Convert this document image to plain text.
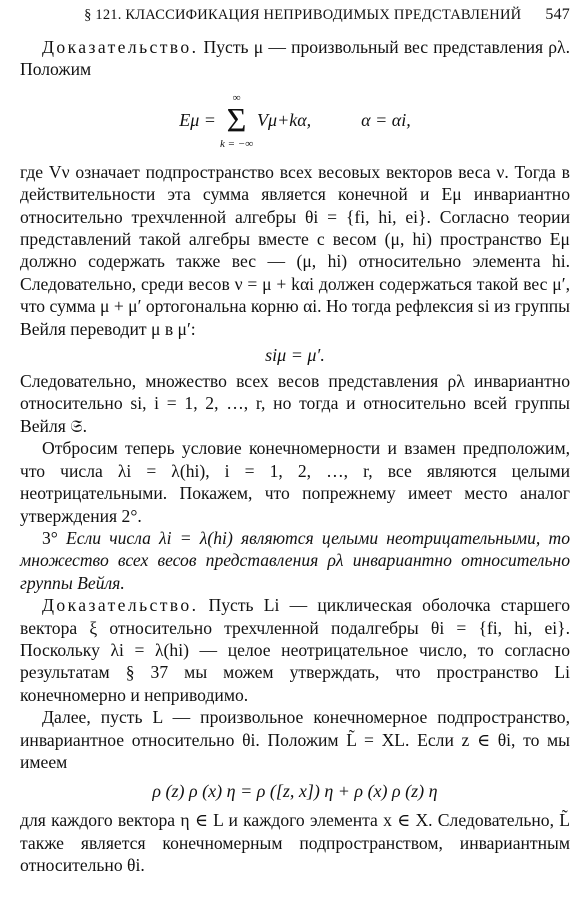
§ 121. КЛАССИФИКАЦИЯ НЕПРИВОДИМЫХ ПРЕДСТАВЛЕНИЙ	547

Доказательство. Пусть μ — произвольный вес представления ρλ. Положим

Eμ =
∞
Σ
k = −∞
Vμ+kα,	α = αi,

где Vν означает подпространство всех весовых векторов веса ν. Тогда в действительности эта сумма является конечной и Eμ инвариантно относительно трехчленной алгебры θi = {fi, hi, ei}. Согласно теории представлений такой алгебры вместе с весом (μ, hi) пространство Eμ должно содержать также вес — (μ, hi) относительно элемента hi. Следовательно, среди весов ν = μ + kαi должен содержаться такой вес μ′, что сумма μ + μ′ ортогональна корню αi. Но тогда рефлексия si из группы Вейля переводит μ в μ′:

siμ = μ′.

Следовательно, множество всех весов представления ρλ инвариантно относительно si, i = 1, 2, …, r, но тогда и относительно всей группы Вейля 𝔖.

Отбросим теперь условие конечномерности и взамен предположим, что числа λi = λ(hi), i = 1, 2, …, r, все являются целыми неотрицательными. Покажем, что попрежнему имеет место аналог утверждения 2°.

3° Если числа λi = λ(hi) являются целыми неотрицательными, то множество всех весов представления ρλ инвариантно относительно группы Вейля.

Доказательство. Пусть Li — циклическая оболочка старшего вектора ξ относительно трехчленной подалгебры θi = {fi, hi, ei}. Поскольку λi = λ(hi) — целое неотрицательное число, то согласно результатам § 37 мы можем утверждать, что пространство Li конечномерно и неприводимо.

Далее, пусть L — произвольное конечномерное подпространство, инвариантное относительно θi. Положим L̃ = XL. Если z ∈ θi, то мы имеем

ρ (z) ρ (x) η = ρ ([z, x]) η + ρ (x) ρ (z) η

для каждого вектора η ∈ L и каждого элемента x ∈ X. Следовательно, L̃ также является конечномерным подпространством, инвариантным относительно θi.
